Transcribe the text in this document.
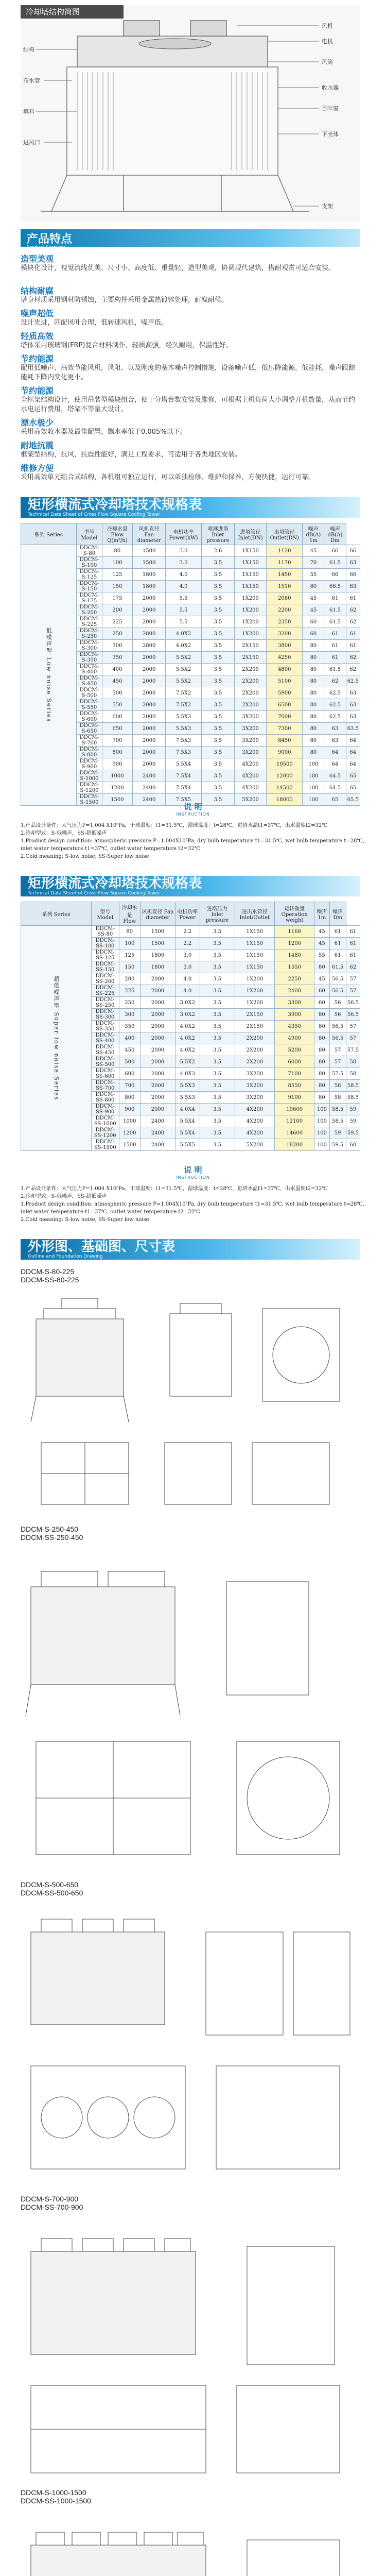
冷却塔结构简图
风机
电机
风筒
收水器
百叶窗
下壳体
支架
结构
布水管
填料
进风口
产品特点
Product Features
造型美观
模块化设计，视觉流线优美，尺寸小、高度低、重量轻，造型美观，协调现代建筑，搭耐观赏可适合安装。
结构耐腐
塔身材质采用钢材防锈蚀，主要构件采用金属热镀锌处理，耐腐耐候。
噪声超低
设计先进，匹配风叶合理，低转速风机，噪声低。
轻质高效
塔体采用玻璃钢(FRP)复合材料制作，轻质高强，经久耐用，保温性好。
节约能源
配用低噪声、高效节能风机，风阻、以及刚度的基本噪声控制措施，设备噪声低，低压降能源，低能耗，噪声跟踪能耗下降内变化更小。
节约能源
全框架结构设计，使用吊装型模块组合，便于分塔台数安装及维修，可根据主机负荷大小调整开机数量，从而节约水电运行费用，塔架不等量大设计。
漂水极少
采用高效收水器及最佳配置，飘水率低于0.005%以下。
耐地抗震
框架型结构，抗风、抗震性能好，满足工程要求，可适用于各类地区安装。
维修方便
采用高效单元组合式结构，各机组可独立运行，可以单独检修、维护和保养，方便快捷，运行可靠。
矩形横流式冷却塔技术规格表
Technical Data Sheet of Cross Flow Square Cooling Tower
系列 Series	型号 Model	冷却水量 Flow Q(m³/h)	风机直径 Fan diameter	电机功率 Power(kW)	喷淋进塔 Inlet pressure	进塔管径 Inlet(DN)	出塔管径 Outlet(DN)	噪声dB(A) 1m	噪声dB(A) Dm	
低噪声型 Low noise Series	DDCM-S-80	80	1500	3.0	2.6	1X150	1120	45	66	66
	DDCM-S-100	100	1500	3.0	3.5	1X150	1170	70	61.5	63
	DDCM-S-125	125	1800	4.0	3.5	1X150	1450	55	66	66
	DDCM-S-150	150	1800	4.0	3.5	1X150	1510	80	66.5	63
	DDCM-S-175	175	2000	5.5	3.5	1X200	2080	45	61	61
	DDCM-S-200	200	2000	5.5	3.5	1X200	2200	45	61.5	62
	DDCM-S-225	225	2000	5.5	3.5	1X200	2350	60	61.5	62
	DDCM-S-250	250	2800	4.0X2	3.5	1X200	3200	60	61	61
	DDCM-S-300	300	2800	4.0X2	3.5	2X150	3800	80	61	61
	DDCM-S-350	350	2000	5.5X2	3.5	2X150	4250	80	61	62
	DDCM-S-400	400	2000	5.5X2	3.5	2X200	4800	80	61.5	62
	DDCM-S-450	450	2000	5.5X2	3.5	2X200	5100	80	62	62.5
	DDCM-S-500	500	2000	7.5X2	3.5	2X200	5900	80	62.5	63
	DDCM-S-550	550	2000	7.5X2	3.5	2X200	6500	80	62.5	63
	DDCM-S-600	600	2000	5.5X3	3.5	3X200	7000	80	62.5	63
	DDCM-S-650	650	2000	5.5X3	3.5	3X200	7300	80	63	63.5
	DDCM-S-700	700	2000	7.5X3	3.5	3X200	8450	80	63	64
	DDCM-S-800	800	2000	7.5X3	3.5	3X200	9000	80	64	64
	DDCM-S-900	900	2000	5.5X4	3.5	4X200	10500	100	64	64
	DDCM-S-1000	1000	2400	7.5X4	3.5	4X200	12000	100	64.5	65
	DDCM-S-1200	1200	2400	7.5X4	3.5	4X200	14500	100	64.5	65
	DDCM-S-1500	1500	2400	7.5X5	3.5	5X200	18000	100	65	65.5
说 明
INSTRUCTION
1.产品设计条件：大气压力P=1.004 X10⁵Pa，干球温度：t1=31.5℃，湿球温度：t=28℃，进塔水温t1=37℃，出水温度t2=32℃
2.冷却型式：S-低噪声，SS-超低噪声
1.Product design condition: atmospheric pressure P=1.004X10⁵Pa, dry bulb temperature t1=31.5℃, wet bulb temperature t=28℃, inlet water temperature t1=37℃, outlet water temperature t2=32℃
2.Cold meaning: S-low noise, SS-Super low noise
矩形横流式冷却塔技术规格表
Technical Data Sheet of Cross Flow Square Cooling Tower
系列 Series	型号 Model	冷却水量 Flow	风机直径 Fan diameter	电机功率 Power	进塔压力 Inlet pressure	进出水管径 Inlet/Outlet	运转重量 Operation weight	噪声 1m	噪声 Dm	
超低噪声型 Super low noise Series	DDCM-SS-80	80	1500	2.2	3.5	1X150	1160	45	61	61
	DDCM-SS-100	100	1500	2.2	3.5	1X150	1200	45	61	61
	DDCM-SS-125	125	1800	3.0	3.5	1X150	1480	55	61	61
	DDCM-SS-150	150	1800	3.0	3.5	1X150	1550	80	61.5	62
	DDCM-SS-200	200	2000	4.0	3.5	1X200	2250	45	56.5	57
	DDCM-SS-225	225	2000	4.0	3.5	1X200	2400	60	56.5	57
	DDCM-SS-250	250	2000	3.0X2	3.5	1X200	3300	60	56	56.5
	DDCM-SS-300	300	2000	3.0X2	3.5	2X150	3900	80	56	56.5
	DDCM-SS-350	350	2000	4.0X2	3.5	2X150	4350	80	56.5	57
	DDCM-SS-400	400	2000	4.0X2	3.5	2X200	4900	80	56.5	57
	DDCM-SS-450	450	2000	4.0X2	3.5	2X200	5200	80	57	57.5
	DDCM-SS-500	500	2000	5.5X2	3.5	2X200	6000	80	57	58
	DDCM-SS-600	600	2000	4.0X3	3.5	3X200	7100	80	57.5	58
	DDCM-SS-700	700	2000	5.5X3	3.5	3X200	8550	80	58	58.5
	DDCM-SS-800	800	2000	5.5X3	3.5	3X200	9100	80	58	58.5
	DDCM-SS-900	900	2000	4.0X4	3.5	4X200	10600	100	58.5	59
	DDCM-SS-1000	1000	2400	5.5X4	3.5	4X200	12100	100	58.5	59
	DDCM-SS-1200	1200	2400	5.5X4	3.5	4X200	14600	100	59	59.5
	DDCM-SS-1500	1500	2400	5.5X5	3.5	5X200	18200	100	59.5	60
说 明
INSTRUCTION
1.产品设计条件：大气压力P=1.004 X10⁵Pa，干球温度：t1=31.5℃，湿球温度：t=28℃，进塔水温t1=37℃，出水温度t2=32℃
2.冷却型式：S-低噪声，SS-超低噪声
1.Product design condition: atmospheric pressure P=1.004X10⁵Pa, dry bulb temperature t1=31.5℃, wet bulb temperature t=28℃, inlet water temperature t1=37℃, outlet water temperature t2=32℃
2.Cold meaning: S-low noise, SS-Super low noise
外形图、基础图、尺寸表
Outline and Foundation Drawing
DDCM-S-80-225
DDCM-SS-80-225
DDCM-S-250-450
DDCM-SS-250-450
DDCM-S-500-650
DDCM-SS-500-650
DDCM-S-700-900
DDCM-SS-700-900
DDCM-S-1000-1500
DDCM-SS-1000-1500
